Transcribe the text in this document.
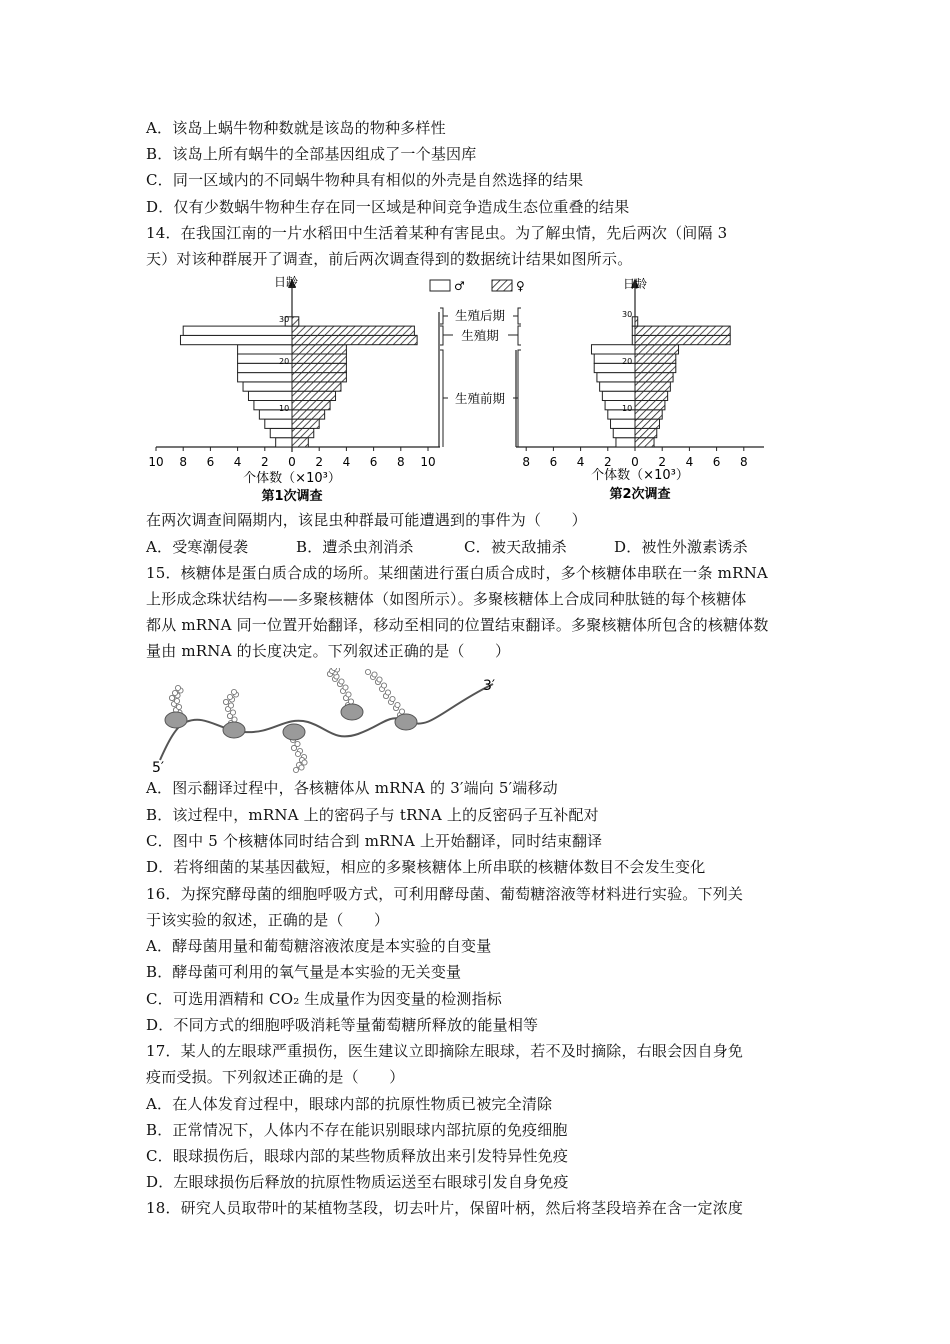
A．该岛上蜗牛物种数就是该岛的物种多样性
B．该岛上所有蜗牛的全部基因组成了一个基因库
C．同一区域内的不同蜗牛物种具有相似的外壳是自然选择的结果
D．仅有少数蜗牛物种生存在同一区域是种间竞争造成生态位重叠的结果
14．在我国江南的一片水稻田中生活着某种有害昆虫。为了解虫情，先后两次（间隔 3
天）对该种群展开了调查，前后两次调查得到的数据统计结果如图所示。
10 8 6 4 2 0 2 4 6 8 10
日龄
30
20
10
个体数（×10³）
第1次调查
♂	♀
生殖后期
生殖期
生殖前期
8 6 4 2 0 2 4 6 8
日龄
30
20
10
个体数（×10³）
第2次调查
在两次调查间隔期内，该昆虫种群最可能遭遇到的事件为（　　）
A．受寒潮侵袭	B．遭杀虫剂消杀	C．被天敌捕杀	D．被性外激素诱杀
15．核糖体是蛋白质合成的场所。某细菌进行蛋白质合成时，多个核糖体串联在一条 mRNA
上形成念珠状结构——多聚核糖体（如图所示）。多聚核糖体上合成同种肽链的每个核糖体
都从 mRNA 同一位置开始翻译，移动至相同的位置结束翻译。多聚核糖体所包含的核糖体数
量由 mRNA 的长度决定。下列叙述正确的是（　　）
3′
5′
A．图示翻译过程中，各核糖体从 mRNA 的 3′端向 5′端移动
B．该过程中，mRNA 上的密码子与 tRNA 上的反密码子互补配对
C．图中 5 个核糖体同时结合到 mRNA 上开始翻译，同时结束翻译
D．若将细菌的某基因截短，相应的多聚核糖体上所串联的核糖体数目不会发生变化
16．为探究酵母菌的细胞呼吸方式，可利用酵母菌、葡萄糖溶液等材料进行实验。下列关
于该实验的叙述，正确的是（　　）
A．酵母菌用量和葡萄糖溶液浓度是本实验的自变量
B．酵母菌可利用的氧气量是本实验的无关变量
C．可选用酒精和 CO₂ 生成量作为因变量的检测指标
D．不同方式的细胞呼吸消耗等量葡萄糖所释放的能量相等
17．某人的左眼球严重损伤，医生建议立即摘除左眼球，若不及时摘除，右眼会因自身免
疫而受损。下列叙述正确的是（　　）
A．在人体发育过程中，眼球内部的抗原性物质已被完全清除
B．正常情况下，人体内不存在能识别眼球内部抗原的免疫细胞
C．眼球损伤后，眼球内部的某些物质释放出来引发特异性免疫
D．左眼球损伤后释放的抗原性物质运送至右眼球引发自身免疫
18．研究人员取带叶的某植物茎段，切去叶片，保留叶柄，然后将茎段培养在含一定浓度
